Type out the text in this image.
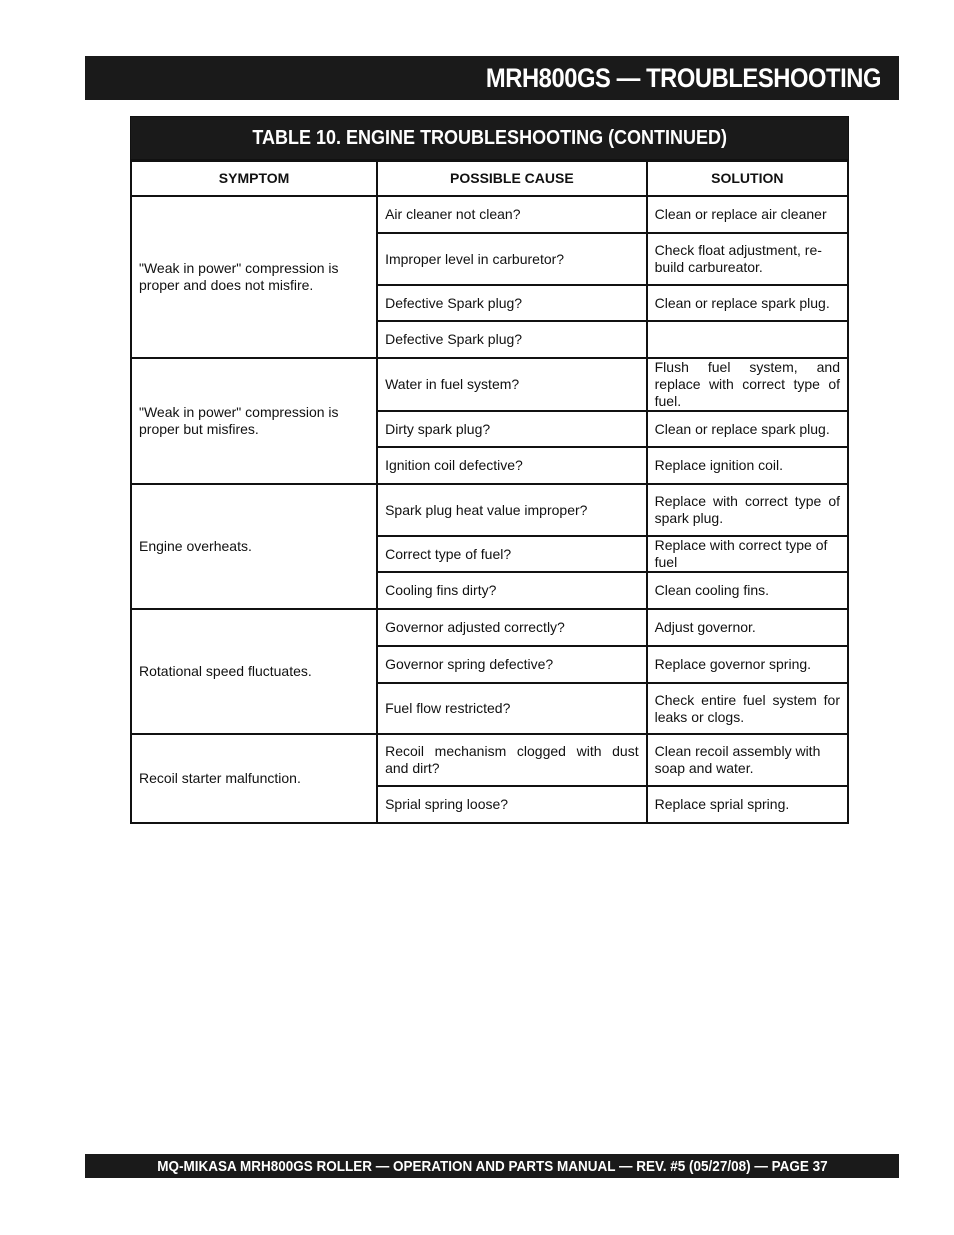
MRH800GS — TROUBLESHOOTING
TABLE 10. ENGINE TROUBLESHOOTING (CONTINUED)
SYMPTOM	POSSIBLE CAUSE	SOLUTION
"Weak in power" compression is proper and does not misfire.	Air cleaner not clean?	Clean or replace air cleaner
	Improper level in carburetor?	Check float adjustment, re-build carbureator.
	Defective Spark plug?	Clean or replace spark plug.
	Defective Spark plug?	
"Weak in power" compression is proper but misfires.	Water in fuel system?	Flush fuel system, and replace with correct type of fuel.
	Dirty spark plug?	Clean or replace spark plug.
	Ignition coil defective?	Replace ignition coil.
Engine overheats.	Spark plug heat value improper?	Replace with correct type of spark plug.
	Correct type of fuel?	Replace with correct type of fuel
	Cooling fins dirty?	Clean cooling fins.
Rotational speed fluctuates.	Governor adjusted correctly?	Adjust governor.
	Governor spring defective?	Replace governor spring.
	Fuel flow restricted?	Check entire fuel system for leaks or clogs.
Recoil starter malfunction.	Recoil mechanism clogged with dust and dirt?	Clean recoil assembly with soap and water.
	Sprial spring loose?	Replace sprial spring.
MQ-MIKASA MRH800GS ROLLER — OPERATION AND PARTS MANUAL — REV. #5 (05/27/08) — PAGE 37
